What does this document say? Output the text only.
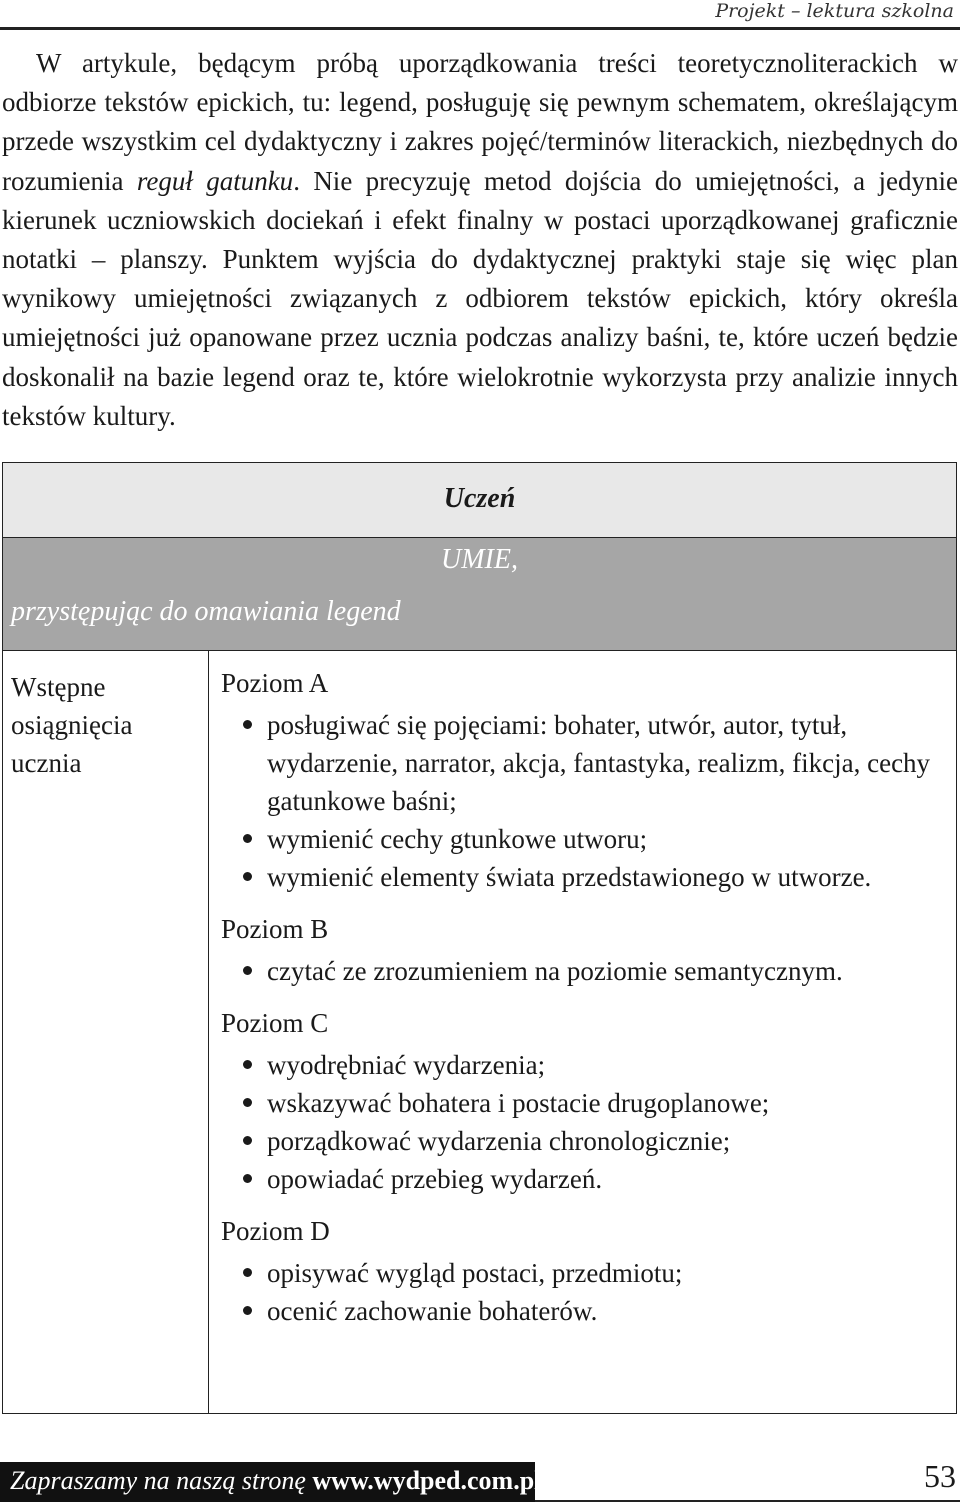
Projekt – lektura szkolna

W artykule, będącym próbą uporządkowania treści teoretycznoliterackich w odbiorze tekstów epickich, tu: legend, posługuję się pewnym schematem, określającym przede wszystkim cel dydaktyczny i zakres pojęć/terminów literackich, niezbędnych do rozumienia reguł gatunku. Nie precyzuję metod dojścia do umiejętności, a jedynie kierunek uczniowskich dociekań i efekt finalny w postaci uporządkowanej graficznie notatki – planszy. Punktem wyjścia do dydaktycznej praktyki staje się więc plan wynikowy umiejętności związanych z odbiorem tekstów epickich, który określa umiejętności już opanowane przez ucznia podczas analizy baśni, te, które uczeń będzie doskonalił na bazie legend oraz te, które wielokrotnie wykorzysta przy analizie innych tekstów kultury.

Uczeń
UMIE,
przystępując do omawiania legend
Wstępne osiągnięcia ucznia
Poziom A
posługiwać się pojęciami: bohater, utwór, autor, tytuł, wydarzenie, narrator, akcja, fantastyka, realizm, fikcja, cechy gatunkowe baśni;
wymienić cechy gtunkowe utworu;
wymienić elementy świata przedstawionego w utworze.
Poziom B
czytać ze zrozumieniem na poziomie semantycznym.
Poziom C
wyodrębniać wydarzenia;
wskazywać bohatera i postacie drugoplanowe;
porządkować wydarzenia chronologicznie;
opowiadać przebieg wydarzeń.
Poziom D
opisywać wygląd postaci, przedmiotu;
ocenić zachowanie bohaterów.
Zapraszamy na naszą stronę www.wydped.com.pl	53
